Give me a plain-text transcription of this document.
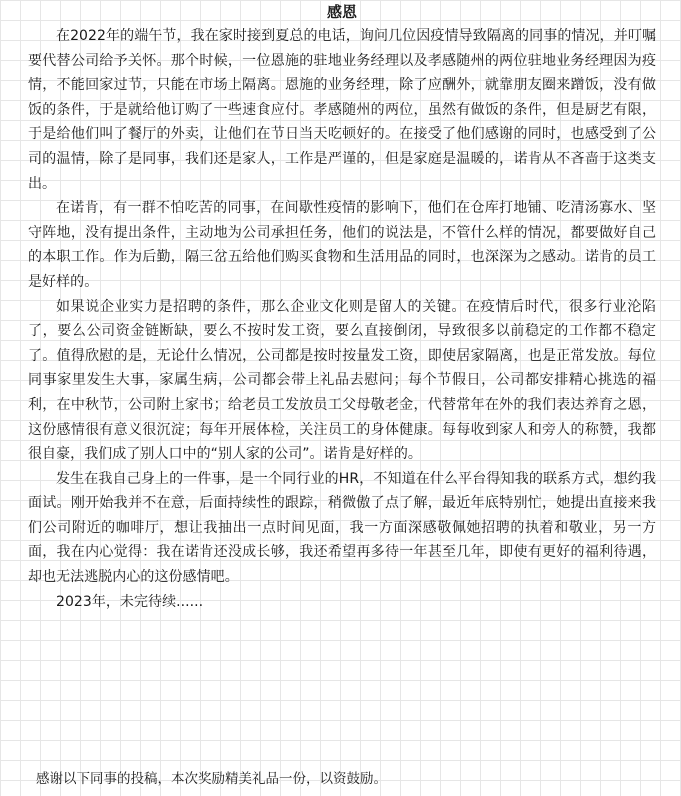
感恩

在2022年的端午节，我在家时接到夏总的电话，询问几位因疫情导致隔离的同事的情况，并叮嘱要代替公司给予关怀。那个时候，一位恩施的驻地业务经理以及孝感随州的两位驻地业务经理因为疫情，不能回家过节，只能在市场上隔离。恩施的业务经理，除了应酬外，就靠朋友圈来蹭饭，没有做饭的条件，于是就给他订购了一些速食应付。孝感随州的两位，虽然有做饭的条件，但是厨艺有限，于是给他们叫了餐厅的外卖，让他们在节日当天吃顿好的。在接受了他们感谢的同时，也感受到了公司的温情，除了是同事，我们还是家人，工作是严谨的，但是家庭是温暖的，诺肯从不吝啬于这类支出。

在诺肯，有一群不怕吃苦的同事，在间歇性疫情的影响下，他们在仓库打地铺、吃清汤寡水、坚守阵地，没有提出条件，主动地为公司承担任务，他们的说法是，不管什么样的情况，都要做好自己的本职工作。作为后勤，隔三岔五给他们购买食物和生活用品的同时，也深深为之感动。诺肯的员工是好样的。

如果说企业实力是招聘的条件，那么企业文化则是留人的关键。在疫情后时代，很多行业沦陷了，要么公司资金链断缺，要么不按时发工资，要么直接倒闭，导致很多以前稳定的工作都不稳定了。值得欣慰的是，无论什么情况，公司都是按时按量发工资，即使居家隔离，也是正常发放。每位同事家里发生大事，家属生病，公司都会带上礼品去慰问；每个节假日，公司都安排精心挑选的福利，在中秋节，公司附上家书；给老员工发放员工父母敬老金，代替常年在外的我们表达养育之恩，这份感情很有意义很沉淀；每年开展体检，关注员工的身体健康。每每收到家人和旁人的称赞，我都很自豪，我们成了别人口中的“别人家的公司”。诺肯是好样的。

发生在我自己身上的一件事，是一个同行业的HR，不知道在什么平台得知我的联系方式，想约我面试。刚开始我并不在意，后面持续性的跟踪，稍微傲了点了解，最近年底特别忙，她提出直接来我们公司附近的咖啡厅，想让我抽出一点时间见面，我一方面深感敬佩她招聘的执着和敬业，另一方面，我在内心觉得：我在诺肯还没成长够，我还希望再多待一年甚至几年，即使有更好的福利待遇，却也无法逃脱内心的这份感情吧。

2023年，未完待续......

感谢以下同事的投稿，本次奖励精美礼品一份，以资鼓励。
